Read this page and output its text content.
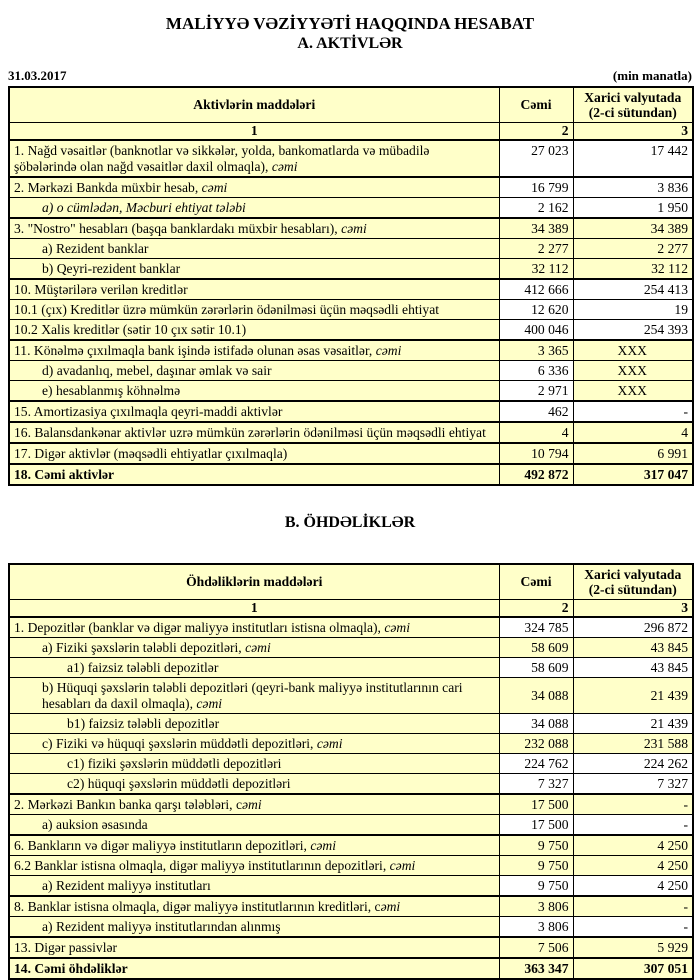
MALİYYƏ VƏZİYYƏTİ HAQQINDA HESABAT
A. AKTİVLƏR
31.03.2017	(min manatla)
Aktivlərin maddələri	Cəmi	Xarici valyutada
(2-ci sütundan)

1	2	3
1. Nağd vəsaitlər (banknotlar və sikkələr, yolda, bankomatlarda və mübadilə şöbələrində olan nağd vəsaitlər daxil olmaqla), cəmi	27 023	17 442
2. Mərkəzi Bankda müxbir hesab, cəmi	16 799	3 836
a) o cümlədən, Məcburi ehtiyat tələbi	2 162	1 950
3. "Nostro" hesabları (başqa banklardakı müxbir hesabları), cəmi	34 389	34 389
a) Rezident banklar	2 277	2 277
b) Qeyri-rezident banklar	32 112	32 112
10. Müştərilərə verilən kreditlər	412 666	254 413
10.1 (çıx) Kreditlər üzrə mümkün zərərlərin ödənilməsi üçün məqsədli ehtiyat	12 620	19
10.2 Xalis kreditlər (sətir 10 çıx sətir 10.1)	400 046	254 393
11. Könəlmə çıxılmaqla bank işində istifadə olunan əsas vəsaitlər, cəmi	3 365	XXX
d) avadanlıq, mebel, daşınar əmlak və sair	6 336	XXX
e) hesablanmış köhnəlmə	2 971	XXX
15. Amortizasiya çıxılmaqla qeyri-maddi aktivlər	462	-
16. Balansdankənar aktivlər uzrə mümkün zərərlərin ödənilməsi üçün məqsədli ehtiyat	4	4
17. Digər aktivlər (məqsədli ehtiyatlar çıxılmaqla)	10 794	6 991
18. Cəmi aktivlər	492 872	317 047
B. ÖHDƏLİKLƏR
Öhdəliklərin maddələri	Cəmi	Xarici valyutada
(2-ci sütundan)

1	2	3
1. Depozitlər (banklar və digər maliyyə institutları istisna olmaqla), cəmi	324 785	296 872
a) Fiziki şəxslərin tələbli depozitləri, cəmi	58 609	43 845
a1) faizsiz tələbli depozitlər	58 609	43 845
b) Hüquqi şəxslərin tələbli depozitləri (qeyri-bank maliyyə institutlarının cari hesabları da daxil olmaqla), cəmi	34 088	21 439
b1) faizsiz tələbli depozitlər	34 088	21 439
c) Fiziki və hüquqi şəxslərin müddətli depozitləri, cəmi	232 088	231 588
c1) fiziki şəxslərin müddətli depozitləri	224 762	224 262
c2) hüquqi şəxslərin müddətli depozitləri	7 327	7 327
2. Mərkəzi Bankın banka qarşı tələbləri, cəmi	17 500	-
a) auksion əsasında	17 500	-
6. Bankların və digər maliyyə institutların depozitləri, cəmi	9 750	4 250
6.2 Banklar istisna olmaqla, digər maliyyə institutlarının depozitləri, cəmi	9 750	4 250
a) Rezident maliyyə institutları	9 750	4 250
8. Banklar istisna olmaqla, digər maliyyə institutlarının kreditləri, cəmi	3 806	-
a) Rezident maliyyə institutlarından alınmış	3 806	-
13. Digər passivlər	7 506	5 929
14. Cəmi öhdəliklər	363 347	307 051
